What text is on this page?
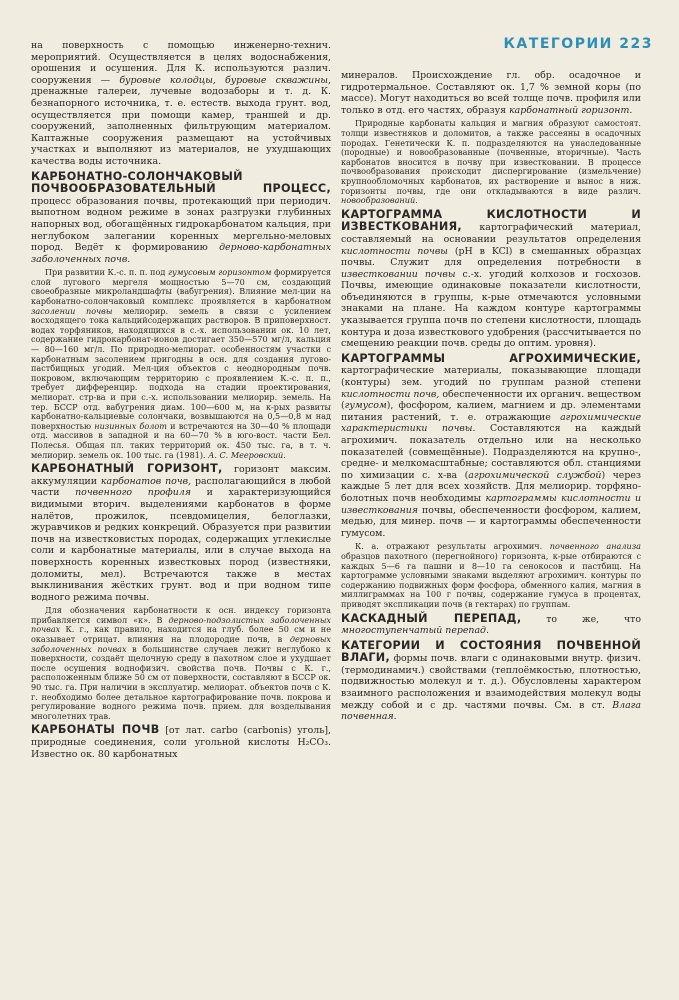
КАТЕГОРИИ 223

на поверхность с помощью инженерно-технич. мероприятий. Осуществляется в целях водоснабжения, орошения и осушения. Для К. используются различ. сооружения — буровые колодцы, буровые скважины, дренажные галереи, лучевые водозаборы и т. д. К. безнапорного источника, т. е. естеств. выхода грунт. вод, осуществляется при помощи камер, траншей и др. сооружений, заполненных фильтрующим материалом. Каптажные сооружения размещают на устойчивых участках и выполняют из материалов, не ухудшающих качества воды источника.

КАРБОНАТНО-СОЛОНЧАКОВЫЙ ПОЧВООБРАЗОВАТЕЛЬНЫЙ ПРОЦЕСС, процесс образования почвы, протекающий при периодич. выпотном водном режиме в зонах разгрузки глубинных напорных вод, обогащённых гидрокарбонатом кальция, при неглубоком залегании коренных мергельно-меловых пород. Ведёт к формированию дерново-карбонатных заболоченных почв.

При развитии К.-с. п. п. под гумусовым горизонтом формируется слой лугового мергеля мощностью 5—70 см, создающий своеобразные микроландшафты (вабугрения). Влияние мел-ции на карбонатно-солончаковый комплекс проявляется в карбонатном засолении почвы мелиорир. земель в связи с усилением восходящего тока кальцийсодержащих растворов. В приповерхност. водах торфяников, находящихся в с.-х. использовании ок. 10 лет, содержание гидрокарбонат-ионов достигает 350—570 мг/л, кальция — 80—160 мг/л. По природно-мелиорат. особенностям участки с карбонатным засолением пригодны в осн. для создания лугово-пастбищных угодий. Мел-ция объектов с неоднородным почв. покровом, включающим территорию с проявлением К.-с. п. п., требует дифференцир. подхода на стадии проектирования, мелиорат. стр-ва и при с.-х. использовании мелиорир. земель. На тер. БССР отд. вабугрения диам. 100—600 м, на к-рых развиты карбонатно-кальциевые солончаки, возвышаются на 0,5—0,8 м над поверхностью низинных болот и встречаются на 30—40 % площади отд. массивов в западной и на 60—70 % в юго-вост. части Бел. Полесья. Общая пл. таких территорий ок. 450 тыс. га, в т. ч. мелиорир. земель ок. 100 тыс. га (1981). А. С. Мееровский.

КАРБОНАТНЫЙ ГОРИЗОНТ, горизонт максим. аккумуляции карбонатов почв, располагающийся в любой части почвенного профиля и характеризующийся видимыми вторич. выделениями карбонатов в форме налётов, прожилок, псевдомицелия, белоглазки, журавчиков и редких конкреций. Образуется при развитии почв на известковистых породах, содержащих углекислые соли и карбонатные материалы, или в случае выхода на поверхность коренных известковых пород (известняки, доломиты, мел). Встречаются также в местах выклинивания жёстких грунт. вод и при водном типе водного режима почвы.

Для обозначения карбонатности к осн. индексу горизонта прибавляется символ «к». В дерново-подзолистых заболоченных почвах К. г., как правило, находится на глуб. более 50 см и не оказывает отрицат. влияния на плодородие почв, в дерновых заболоченных почвах в большинстве случаев лежит неглубоко к поверхности, создаёт щелочную среду в пахотном слое и ухудшает после осушения воднофизич. свойства почв. Почвы с К. г., расположенным ближе 50 см от поверхности, составляют в БССР ок. 90 тыс. га. При наличии в эксплуатир. мелиорат. объектов почв с К. г. необходимо более детальное картографирование почв. покрова и регулирование водного режима почв. прием. для возделывания многолетних трав.

КАРБОНАТЫ ПОЧВ [от лат. carbo (carbonis) уголь], природные соединения, соли угольной кислоты H₂CO₃. Известно ок. 80 карбонатных

минералов. Происхождение гл. обр. осадочное и гидротермальное. Составляют ок. 1,7 % земной коры (по массе). Могут находиться во всей толще почв. профиля или только в отд. его частях, образуя карбонатный горизонт.

Природные карбонаты кальция и магния образуют самостоят. толщи известняков и доломитов, а также рассеяны в осадочных породах. Генетически К. п. подразделяются на унаследованные (породные) и новообразованные (почвенные, вторичные). Часть карбонатов вносится в почву при известковании. В процессе почвообразования происходит диспергирование (измельчение) крупнообломочных карбонатов, их растворение и вынос в ниж. горизонты почвы, где они откладываются в виде различ. новообразований.

КАРТОГРАММА КИСЛОТНОСТИ И ИЗВЕСТКОВАНИЯ, картографический материал, составляемый на основании результатов определения кислотности почвы (pH в KCl) в смешанных образцах почвы. Служит для определения потребности в известковании почвы с.-х. угодий колхозов и госхозов. Почвы, имеющие одинаковые показатели кислотности, объединяются в группы, к-рые отмечаются условными знаками на плане. На каждом контуре картограммы указывается группа почв по степени кислотности, площадь контура и доза известкового удобрения (рассчитывается по смещению реакции почв. среды до оптим. уровня).

КАРТОГРАММЫ АГРОХИМИЧЕСКИЕ, картографические материалы, показывающие площади (контуры) зем. угодий по группам разной степени кислотности почв, обеспеченности их органич. веществом (гумусом), фосфором, калием, магнием и др. элементами питания растений, т. е. отражающие агрохимические характеристики почвы. Составляются на каждый агрохимич. показатель отдельно или на несколько показателей (совмещённые). Подразделяются на крупно-, средне- и мелкомасштабные; составляются обл. станциями по химизации с. х-ва (агрохимической службой) через каждые 5 лет для всех хозяйств. Для мелиорир. торфяно-болотных почв необходимы картограммы кислотности и известкования почвы, обеспеченности фосфором, калием, медью, для минер. почв — и картограммы обеспеченности гумусом.

К. а. отражают результаты агрохимич. почвенного анализа образцов пахотного (перегнойного) горизонта, к-рые отбираются с каждых 5—6 га пашни и 8—10 га сенокосов и пастбищ. На картограмме условными знаками выделяют агрохимич. контуры по содержанию подвижных форм фосфора, обменного калия, магния в миллиграммах на 100 г почвы, содержание гумуса в процентах, приводят экспликации почв (в гектарах) по группам.

КАСКАДНЫЙ ПЕРЕПАД, то же, что многоступенчатый перепад.

КАТЕГОРИИ И СОСТОЯНИЯ ПОЧВЕННОЙ ВЛАГИ, формы почв. влаги с одинаковыми внутр. физич. (термодинамич.) свойствами (теплоёмкостью, плотностью, подвижностью молекул и т. д.). Обусловлены характером взаимного расположения и взаимодействия молекул воды между собой и с др. частями почвы. См. в ст. Влага почвенная.
